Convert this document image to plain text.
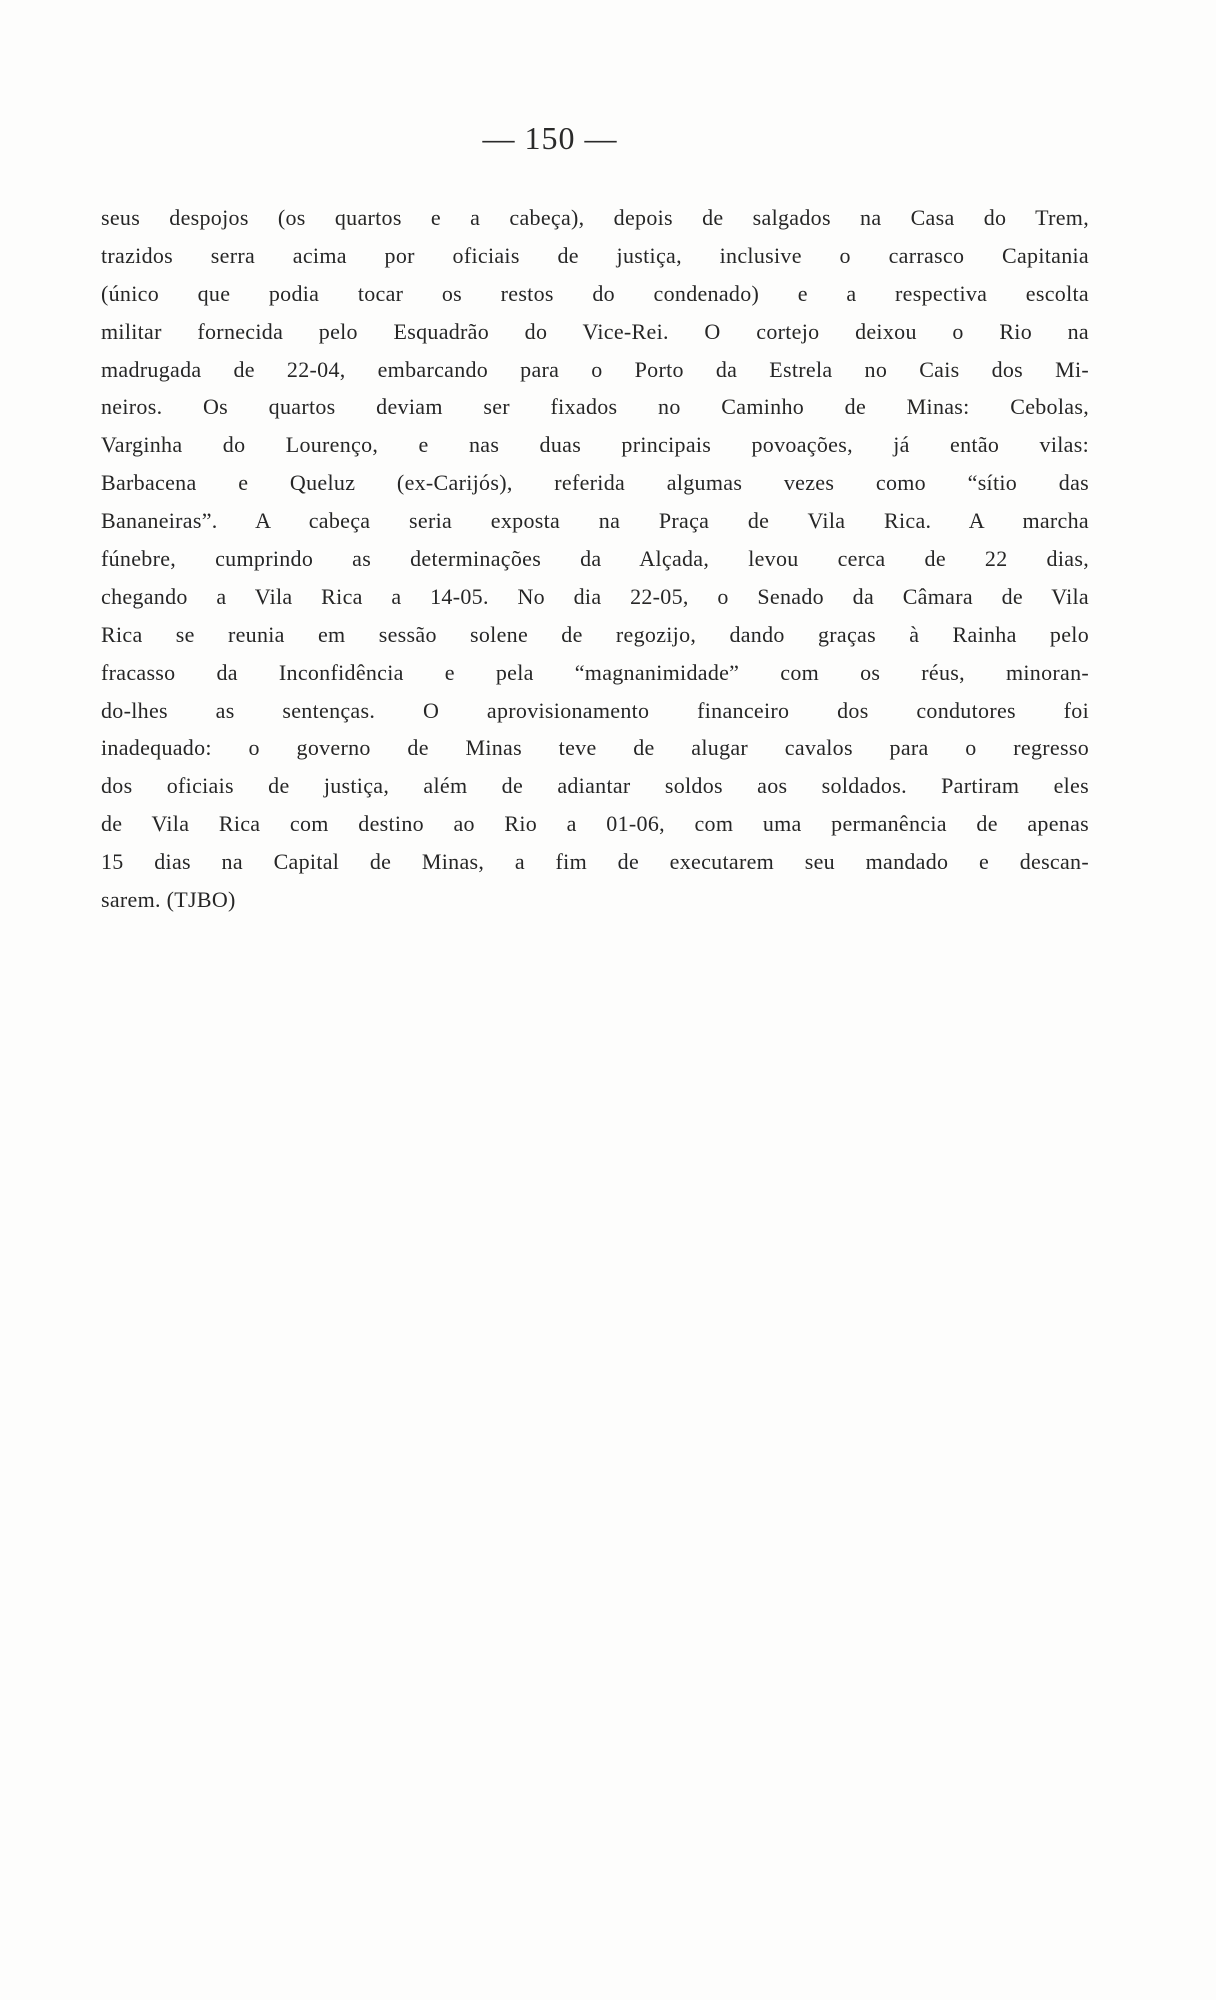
— 150 —
seus despojos (os quartos e a cabeça), depois de salgados na Casa do Trem,
trazidos serra acima por oficiais de justiça, inclusive o carrasco Capitania
(único que podia tocar os restos do condenado) e a respectiva escolta
militar fornecida pelo Esquadrão do Vice-Rei. O cortejo deixou o Rio na
madrugada de 22-04, embarcando para o Porto da Estrela no Cais dos Mi-
neiros. Os quartos deviam ser fixados no Caminho de Minas: Cebolas,
Varginha do Lourenço, e nas duas principais povoações, já então vilas:
Barbacena e Queluz (ex-Carijós), referida algumas vezes como “sítio das
Bananeiras”. A cabeça seria exposta na Praça de Vila Rica. A marcha
fúnebre, cumprindo as determinações da Alçada, levou cerca de 22 dias,
chegando a Vila Rica a 14-05. No dia 22-05, o Senado da Câmara de Vila
Rica se reunia em sessão solene de regozijo, dando graças à Rainha pelo
fracasso da Inconfidência e pela “magnanimidade” com os réus, minoran-
do-lhes as sentenças. O aprovisionamento financeiro dos condutores foi
inadequado: o governo de Minas teve de alugar cavalos para o regresso
dos oficiais de justiça, além de adiantar soldos aos soldados. Partiram eles
de Vila Rica com destino ao Rio a 01-06, com uma permanência de apenas
15 dias na Capital de Minas, a fim de executarem seu mandado e descan-
sarem. (TJBO)
